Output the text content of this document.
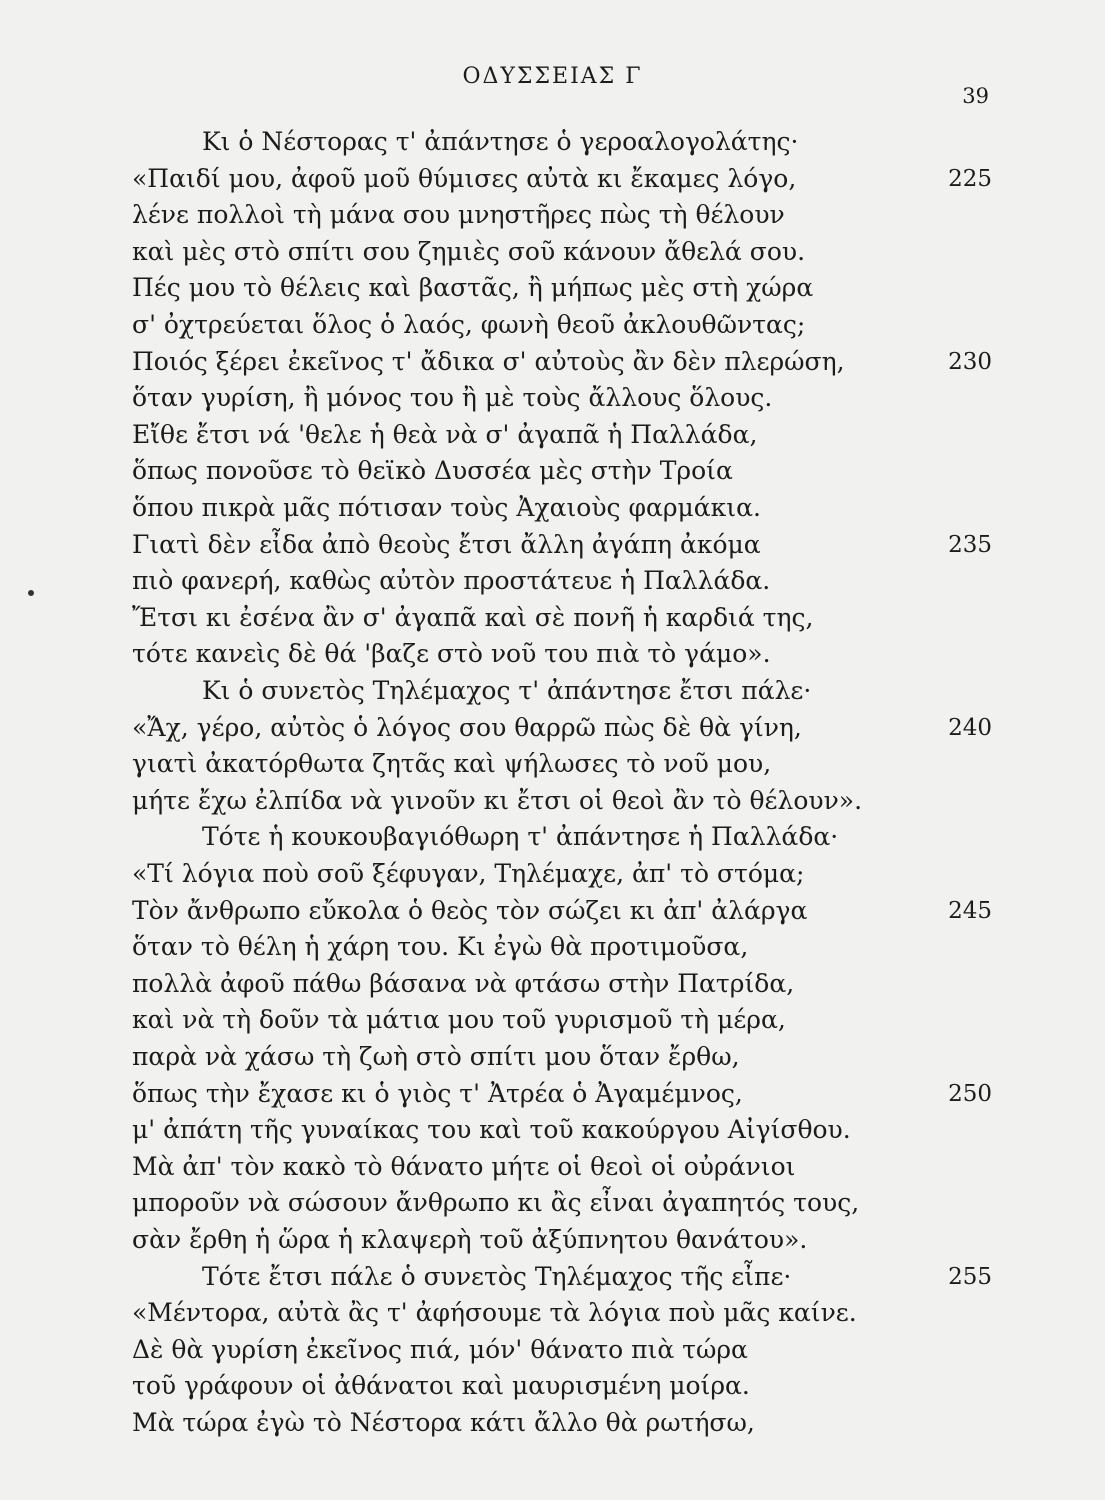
ΟΔΥΣΣΕΙΑΣ Γ
39
Κι ὁ Νέστορας τ' ἀπάντησε ὁ γεροαλογολάτης·
«Παιδί μου, ἀφοῦ μοῦ θύμισες αὐτὰ κι ἔκαμες λόγο,	225
λένε πολλοὶ τὴ μάνα σου μνηστῆρες πὼς τὴ θέλουν
καὶ μὲς στὸ σπίτι σου ζημιὲς σοῦ κάνουν ἄθελά σου.
Πές μου τὸ θέλεις καὶ βαστᾶς, ἢ μήπως μὲς στὴ χώρα
σ' ὀχτρεύεται ὅλος ὁ λαός, φωνὴ θεοῦ ἀκλουθῶντας;
Ποιός ξέρει ἐκεῖνος τ' ἄδικα σ' αὐτοὺς ἂν δὲν πλερώση,	230
ὅταν γυρίση, ἢ μόνος του ἢ μὲ τοὺς ἄλλους ὅλους.
Εἴθε ἔτσι νά 'θελε ἡ θεὰ νὰ σ' ἀγαπᾶ ἡ Παλλάδα,
ὅπως πονοῦσε τὸ θεϊκὸ Δυσσέα μὲς στὴν Τροία
ὅπου πικρὰ μᾶς πότισαν τοὺς Ἀχαιοὺς φαρμάκια.
Γιατὶ δὲν εἶδα ἀπὸ θεοὺς ἔτσι ἄλλη ἀγάπη ἀκόμα	235
πιὸ φανερή, καθὼς αὐτὸν προστάτευε ἡ Παλλάδα.
Ἔτσι κι ἐσένα ἂν σ' ἀγαπᾶ καὶ σὲ πονῆ ἡ καρδιά της,
τότε κανεὶς δὲ θά 'βαζε στὸ νοῦ του πιὰ τὸ γάμο».
Κι ὁ συνετὸς Τηλέμαχος τ' ἀπάντησε ἔτσι πάλε·
«Ἄχ, γέρο, αὐτὸς ὁ λόγος σου θαρρῶ πὼς δὲ θὰ γίνη,	240
γιατὶ ἀκατόρθωτα ζητᾶς καὶ ψήλωσες τὸ νοῦ μου,
μήτε ἔχω ἐλπίδα νὰ γινοῦν κι ἔτσι οἱ θεοὶ ἂν τὸ θέλουν».
Τότε ἡ κουκουβαγιόθωρη τ' ἀπάντησε ἡ Παλλάδα·
«Τί λόγια ποὺ σοῦ ξέφυγαν, Τηλέμαχε, ἀπ' τὸ στόμα;
Τὸν ἄνθρωπο εὔκολα ὁ θεὸς τὸν σώζει κι ἀπ' ἀλάργα	245
ὅταν τὸ θέλη ἡ χάρη του. Κι ἐγὼ θὰ προτιμοῦσα,
πολλὰ ἀφοῦ πάθω βάσανα νὰ φτάσω στὴν Πατρίδα,
καὶ νὰ τὴ δοῦν τὰ μάτια μου τοῦ γυρισμοῦ τὴ μέρα,
παρὰ νὰ χάσω τὴ ζωὴ στὸ σπίτι μου ὅταν ἔρθω,
ὅπως τὴν ἔχασε κι ὁ γιὸς τ' Ἀτρέα ὁ Ἀγαμέμνος,	250
μ' ἀπάτη τῆς γυναίκας του καὶ τοῦ κακούργου Αἰγίσθου.
Μὰ ἀπ' τὸν κακὸ τὸ θάνατο μήτε οἱ θεοὶ οἱ οὐράνιοι
μποροῦν νὰ σώσουν ἄνθρωπο κι ἂς εἶναι ἀγαπητός τους,
σὰν ἔρθη ἡ ὥρα ἡ κλαψερὴ τοῦ ἀξύπνητου θανάτου».
Τότε ἔτσι πάλε ὁ συνετὸς Τηλέμαχος τῆς εἶπε·	255
«Μέντορα, αὐτὰ ἂς τ' ἀφήσουμε τὰ λόγια ποὺ μᾶς καίνε.
Δὲ θὰ γυρίση ἐκεῖνος πιά, μόν' θάνατο πιὰ τώρα
τοῦ γράφουν οἱ ἀθάνατοι καὶ μαυρισμένη μοίρα.
Μὰ τώρα ἐγὼ τὸ Νέστορα κάτι ἄλλο θὰ ρωτήσω,
